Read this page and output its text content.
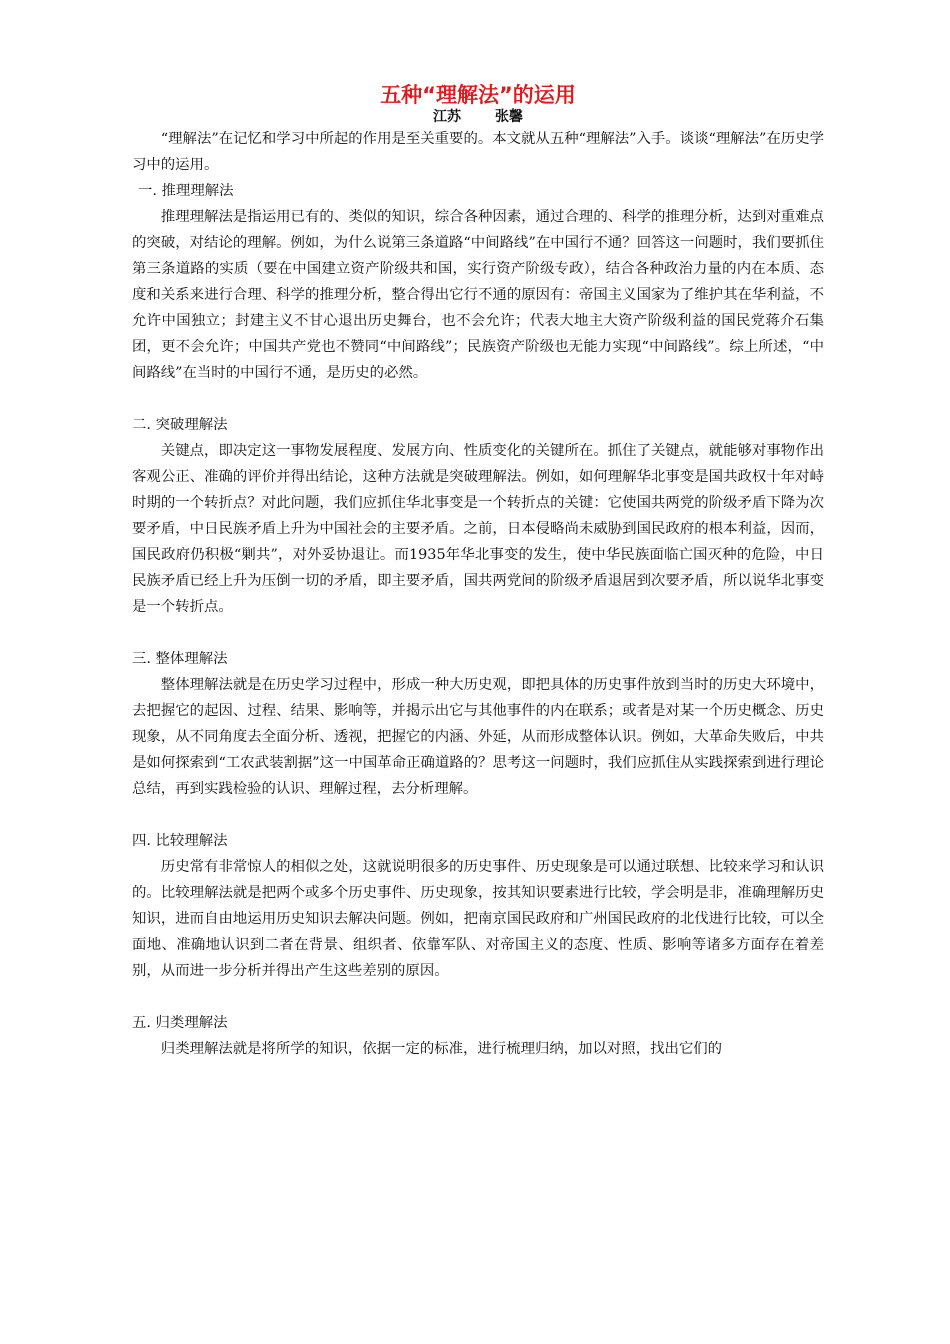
五种“理解法”的运用
江苏 张馨

“理解法”在记忆和学习中所起的作用是至关重要的。本文就从五种“理解法”入手。谈谈“理解法”在历史学习中的运用。

一. 推理理解法

推理理解法是指运用已有的、类似的知识，综合各种因素，通过合理的、科学的推理分析，达到对重难点的突破，对结论的理解。例如，为什么说第三条道路“中间路线”在中国行不通？回答这一问题时，我们要抓住第三条道路的实质（要在中国建立资产阶级共和国，实行资产阶级专政），结合各种政治力量的内在本质、态度和关系来进行合理、科学的推理分析，整合得出它行不通的原因有：帝国主义国家为了维护其在华利益，不允许中国独立；封建主义不甘心退出历史舞台，也不会允许；代表大地主大资产阶级利益的国民党蒋介石集团，更不会允许；中国共产党也不赞同“中间路线”；民族资产阶级也无能力实现“中间路线”。综上所述，“中间路线”在当时的中国行不通，是历史的必然。

二. 突破理解法

关键点，即决定这一事物发展程度、发展方向、性质变化的关键所在。抓住了关键点，就能够对事物作出客观公正、准确的评价并得出结论，这种方法就是突破理解法。例如，如何理解华北事变是国共政权十年对峙时期的一个转折点？对此问题，我们应抓住华北事变是一个转折点的关键：它使国共两党的阶级矛盾下降为次要矛盾，中日民族矛盾上升为中国社会的主要矛盾。之前，日本侵略尚未威胁到国民政府的根本利益，因而，国民政府仍积极“剿共”，对外妥协退让。而1935年华北事变的发生，使中华民族面临亡国灭种的危险，中日民族矛盾已经上升为压倒一切的矛盾，即主要矛盾，国共两党间的阶级矛盾退居到次要矛盾，所以说华北事变是一个转折点。

三. 整体理解法

整体理解法就是在历史学习过程中，形成一种大历史观，即把具体的历史事件放到当时的历史大环境中，去把握它的起因、过程、结果、影响等，并揭示出它与其他事件的内在联系；或者是对某一个历史概念、历史现象，从不同角度去全面分析、透视，把握它的内涵、外延，从而形成整体认识。例如，大革命失败后，中共是如何探索到“工农武装割据”这一中国革命正确道路的？思考这一问题时，我们应抓住从实践探索到进行理论总结，再到实践检验的认识、理解过程，去分析理解。

四. 比较理解法

历史常有非常惊人的相似之处，这就说明很多的历史事件、历史现象是可以通过联想、比较来学习和认识的。比较理解法就是把两个或多个历史事件、历史现象，按其知识要素进行比较，学会明是非，准确理解历史知识，进而自由地运用历史知识去解决问题。例如，把南京国民政府和广州国民政府的北伐进行比较，可以全面地、准确地认识到二者在背景、组织者、依靠军队、对帝国主义的态度、性质、影响等诸多方面存在着差别，从而进一步分析并得出产生这些差别的原因。

五. 归类理解法

归类理解法就是将所学的知识，依据一定的标准，进行梳理归纳，加以对照，找出它们的
